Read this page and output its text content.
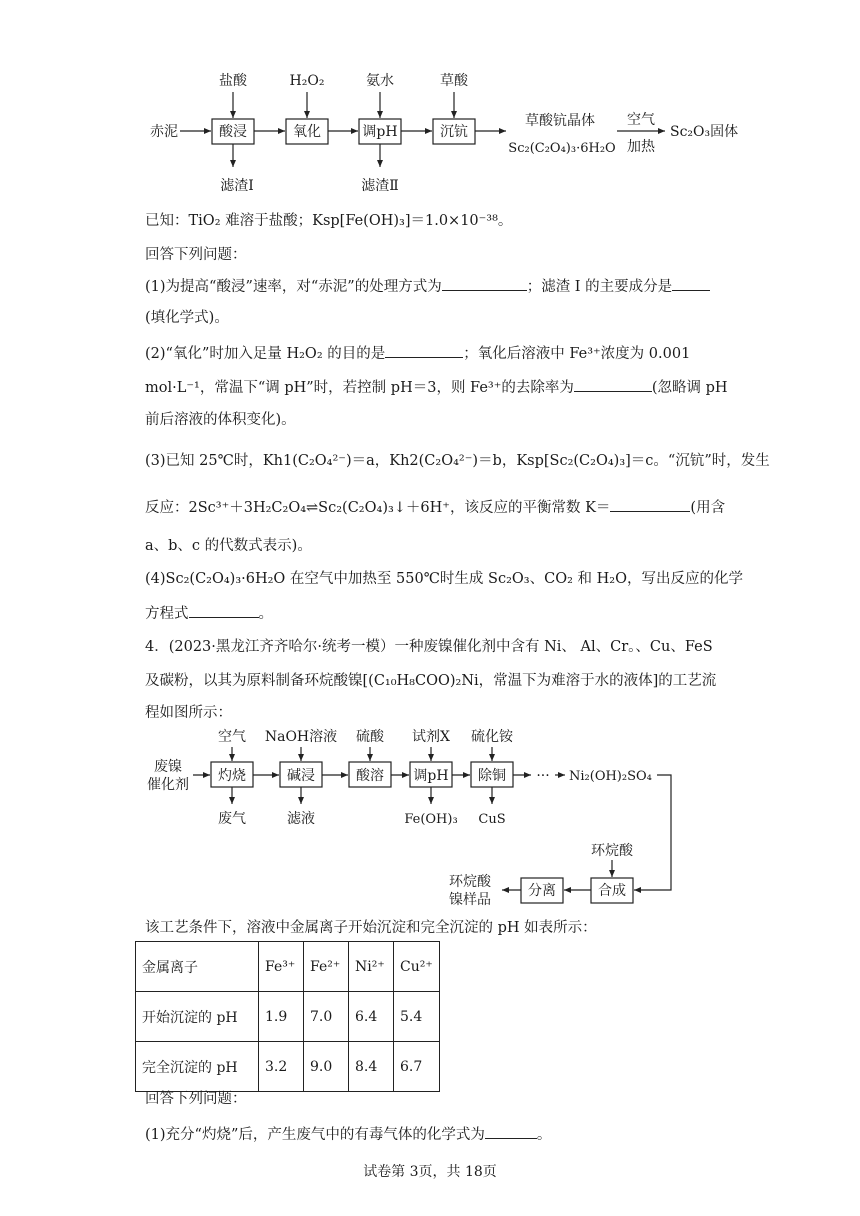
赤泥
盐酸	H₂O₂	氨水	草酸
酸浸	氧化	调pH	沉钪
滤渣Ⅰ	滤渣Ⅱ
草酸钪晶体
Sc₂(C₂O₄)₃·6H₂O
空气
加热
Sc₂O₃固体
已知：TiO₂ 难溶于盐酸；Ksp[Fe(OH)₃]＝1.0×10⁻³⁸。
回答下列问题：
(1)为提高“酸浸”速率，对“赤泥”的处理方式为	；滤渣 I 的主要成分是
(填化学式)。
(2)“氧化”时加入足量 H₂O₂ 的目的是	；氧化后溶液中 Fe³⁺浓度为 0.001
mol·L⁻¹，常温下“调 pH”时，若控制 pH＝3，则 Fe³⁺的去除率为	(忽略调 pH
前后溶液的体积变化)。
(3)已知 25℃时，Kh1(C₂O₄²⁻)＝a，Kh2(C₂O₄²⁻)＝b，Ksp[Sc₂(C₂O₄)₃]＝c。“沉钪”时，发生
反应：2Sc³⁺＋3H₂C₂O₄⇌Sc₂(C₂O₄)₃↓＋6H⁺，该反应的平衡常数 K＝	(用含
a、b、c 的代数式表示)。
(4)Sc₂(C₂O₄)₃·6H₂O 在空气中加热至 550℃时生成 Sc₂O₃、CO₂ 和 H₂O，写出反应的化学
方程式	。
4．(2023·黑龙江齐齐哈尔·统考一模）一种废镍催化剂中含有 Ni、 Al、Cr。、Cu、FeS
及碳粉，以其为原料制备环烷酸镍[(C₁₀H₈COO)₂Ni，常温下为难溶于水的液体]的工艺流
程如图所示：
废镍
催化剂
空气 NaOH溶液 硫酸 试剂X 硫化铵
灼烧	碱浸	酸溶 调pH 除铜 ··· Ni₂(OH)₂SO₄
废气	滤液	Fe(OH)₃ CuS
环烷酸
合成
分离
环烷酸
镍样品
该工艺条件下，溶液中金属离子开始沉淀和完全沉淀的 pH 如表所示：
金属离子	Fe³⁺	Fe²⁺	Ni²⁺	Cu²⁺
开始沉淀的 pH	1.9	7.0	6.4	5.4
完全沉淀的 pH	3.2	9.0	8.4	6.7
回答下列问题：
(1)充分“灼烧”后，产生废气中的有毒气体的化学式为	。
试卷第 3页，共 18页
